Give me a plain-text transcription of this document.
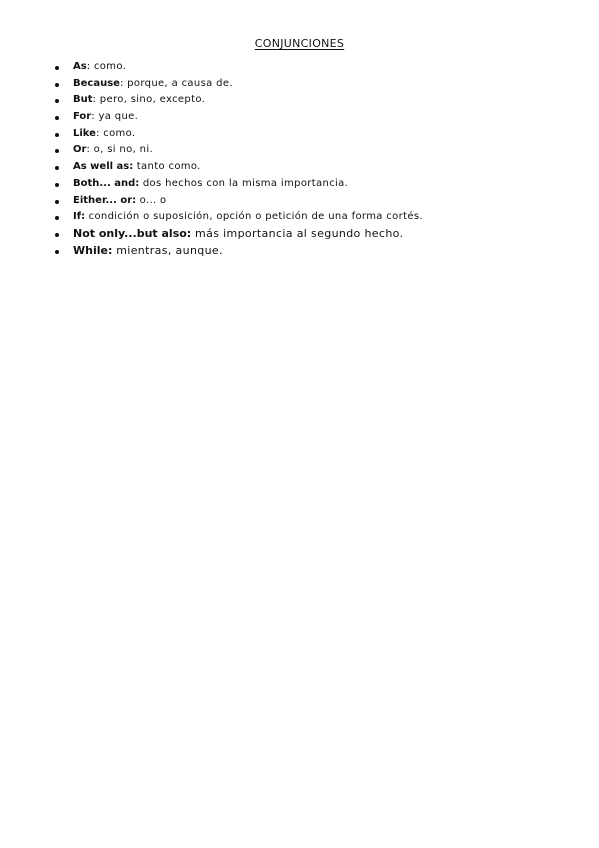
CONJUNCIONES
As: como.
Because: porque, a causa de.
But: pero, sino, excepto.
For: ya que.
Like: como.
Or: o, si no, ni.
As well as: tanto como.
Both... and: dos hechos con la misma importancia.
Either... or: o... o
If: condición o suposición, opción o petición de una forma cortés.
Not only...but also: más importancia al segundo hecho.
While: mientras, aunque.
